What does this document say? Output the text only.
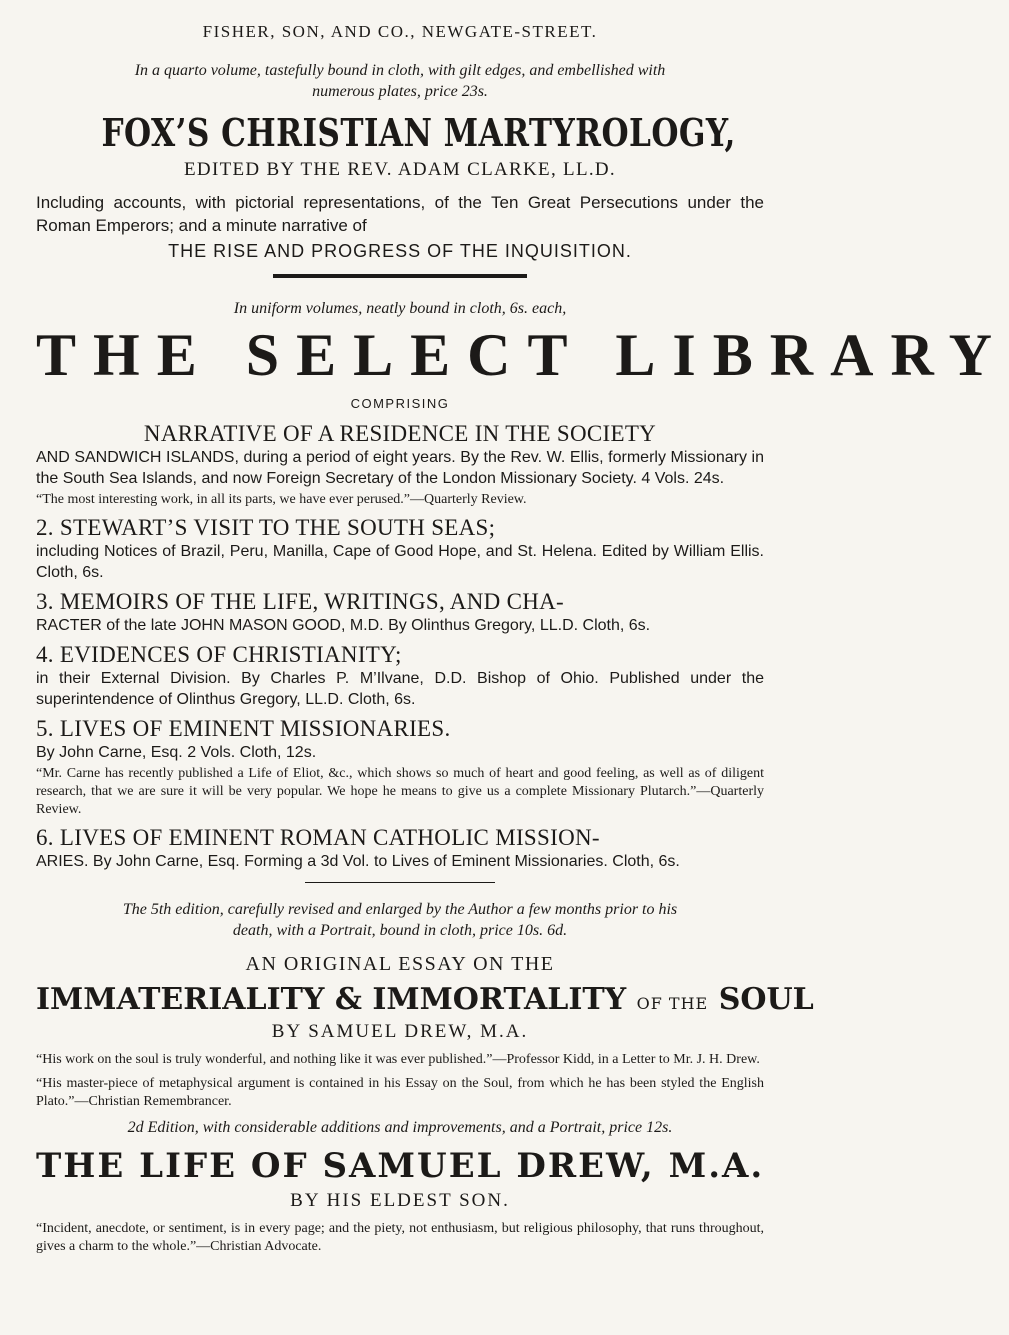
FISHER, SON, AND CO., NEWGATE-STREET.
In a quarto volume, tastefully bound in cloth, with gilt edges, and embellished with
numerous plates, price 23s.
FOX’S CHRISTIAN MARTYROLOGY,
EDITED BY THE REV. ADAM CLARKE, LL.D.
Including accounts, with pictorial representations, of the Ten Great Persecutions under the Roman Emperors; and a minute narrative of
THE RISE AND PROGRESS OF THE INQUISITION.
In uniform volumes, neatly bound in cloth, 6s. each,
THE SELECT LIBRARY
COMPRISING
NARRATIVE OF A RESIDENCE IN THE SOCIETY
AND SANDWICH ISLANDS, during a period of eight years. By the Rev. W. Ellis, formerly Missionary in the South Sea Islands, and now Foreign Secretary of the London Missionary Society. 4 Vols. 24s.
“The most interesting work, in all its parts, we have ever perused.”—Quarterly Review.
2. STEWART’S VISIT TO THE SOUTH SEAS;
including Notices of Brazil, Peru, Manilla, Cape of Good Hope, and St. Helena. Edited by William Ellis. Cloth, 6s.
3. MEMOIRS OF THE LIFE, WRITINGS, AND CHA-
RACTER of the late JOHN MASON GOOD, M.D. By Olinthus Gregory, LL.D. Cloth, 6s.
4. EVIDENCES OF CHRISTIANITY;
in their External Division. By Charles P. M’Ilvane, D.D. Bishop of Ohio. Published under the superintendence of Olinthus Gregory, LL.D. Cloth, 6s.
5. LIVES OF EMINENT MISSIONARIES.
By John Carne, Esq. 2 Vols. Cloth, 12s.
“Mr. Carne has recently published a Life of Eliot, &c., which shows so much of heart and good feeling, as well as of diligent research, that we are sure it will be very popular. We hope he means to give us a complete Missionary Plutarch.”—Quarterly Review.
6. LIVES OF EMINENT ROMAN CATHOLIC MISSION-
ARIES. By John Carne, Esq. Forming a 3d Vol. to Lives of Eminent Missionaries. Cloth, 6s.
The 5th edition, carefully revised and enlarged by the Author a few months prior to his
death, with a Portrait, bound in cloth, price 10s. 6d.
AN ORIGINAL ESSAY ON THE
IMMATERIALITY & IMMORTALITY OF THE SOUL
BY SAMUEL DREW, M.A.
“His work on the soul is truly wonderful, and nothing like it was ever published.”—Professor Kidd, in a Letter to Mr. J. H. Drew.
“His master-piece of metaphysical argument is contained in his Essay on the Soul, from which he has been styled the English Plato.”—Christian Remembrancer.
2d Edition, with considerable additions and improvements, and a Portrait, price 12s.
THE LIFE OF SAMUEL DREW, M.A.
BY HIS ELDEST SON.
“Incident, anecdote, or sentiment, is in every page; and the piety, not enthusiasm, but religious philosophy, that runs throughout, gives a charm to the whole.”—Christian Advocate.
